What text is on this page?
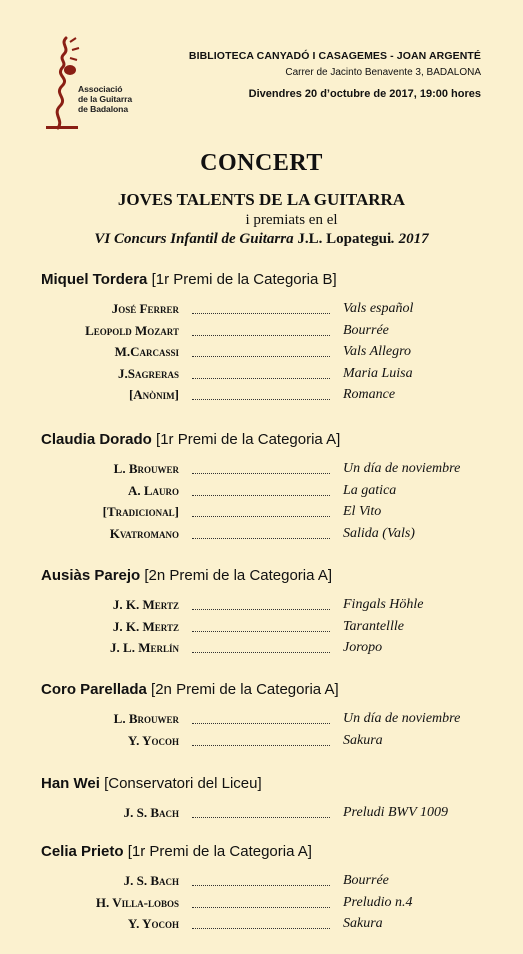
Associació
de la Guitarra
de Badalona
BIBLIOTECA CANYADÓ I CASAGEMES - JOAN ARGENTÉ
Carrer de Jacinto Benavente 3, BADALONA
Divendres 20 d’octubre de 2017, 19:00 hores
CONCERT
JOVES TALENTS DE LA GUITARRA
i premiats en el
VI Concurs Infantil de Guitarra J.L. Lopategui. 2017
Miquel Tordera [1r Premi de la Categoria B]
José Ferrer	Vals español
Leopold Mozart	Bourrée
M.Carcassi	Vals Allegro
J.Sagreras	Maria Luisa
[Anònim]	Romance
Claudia Dorado [1r Premi de la Categoria A]
L. Brouwer	Un día de noviembre
A. Lauro	La gatica
[Tradicional]	El Vito
Kvatromano	Salida (Vals)
Ausiàs Parejo [2n Premi de la Categoria A]
J. K. Mertz	Fingals Höhle
J. K. Mertz	Tarantellle
J. L. Merlín	Joropo
Coro Parellada [2n Premi de la Categoria A]
L. Brouwer	Un día de noviembre
Y. Yocoh	Sakura
Han Wei [Conservatori del Liceu]
J. S. Bach	Preludi BWV 1009
Celia Prieto [1r Premi de la Categoria A]
J. S. Bach	Bourrée
H. Villa-lobos	Preludio n.4
Y. Yocoh	Sakura
